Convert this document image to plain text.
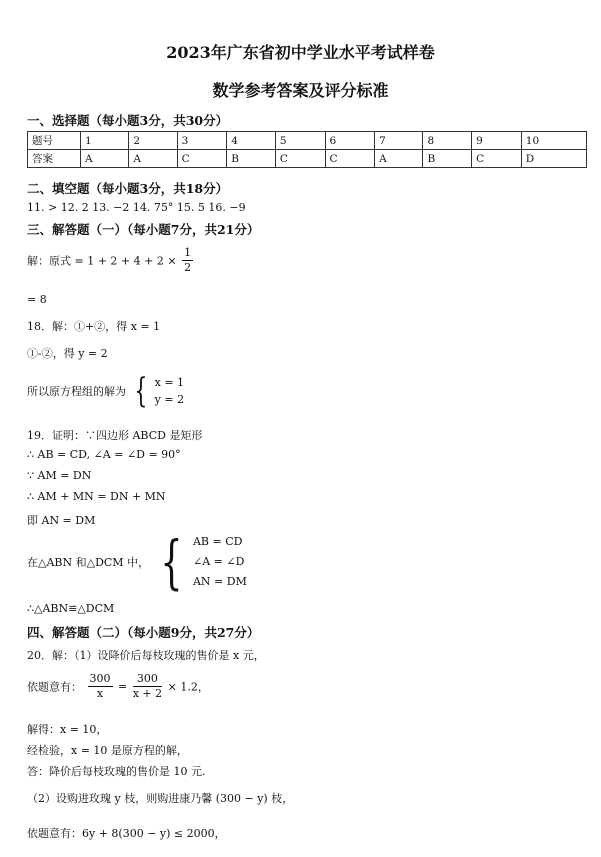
2023年广东省初中学业水平考试样卷
数学参考答案及评分标准
一、选择题（每小题3分，共30分）
题号	1	2	3	4	5	6	7	8	9	10
答案	A	A	C	B	C	C	A	B	C	D
二、填空题（每小题3分，共18分）
11. > 12. 2 13. −2 14. 75° 15. 5 16. −9
三、解答题（一）（每小题7分，共21分）
解：原式 = $1 + 2 + 4 + 2 \times \frac{1}{2}$
= 8
18．解：①+②，得 x = 1
①-②，得 y = 2
所以原方程组的解为 { x = 1
y = 2
19．证明：∵四边形 ABCD 是矩形
∴ AB = CD, ∠A = ∠D = 90°
∵ AM = DN
∴ AM + MN = DN + MN
即 AN = DM
在△ABN 和△DCM 中， { AB = CD
∠A = ∠D
AN = DM
∴△ABN≌△DCM
四、解答题（二）（每小题9分，共27分）
20．解：（1）设降价后每枝玫瑰的售价是 x 元，
依题意有： $\frac{300}{x} = \frac{300}{x + 2} \times 1.2$，
解得：x = 10，
经检验，x = 10 是原方程的解，
答：降价后每枝玫瑰的售价是 10 元.
（2）设购进玫瑰 y 枝，则购进康乃馨 (300 − y) 枝，
依题意有：6y + 8(300 − y) ≤ 2000，
